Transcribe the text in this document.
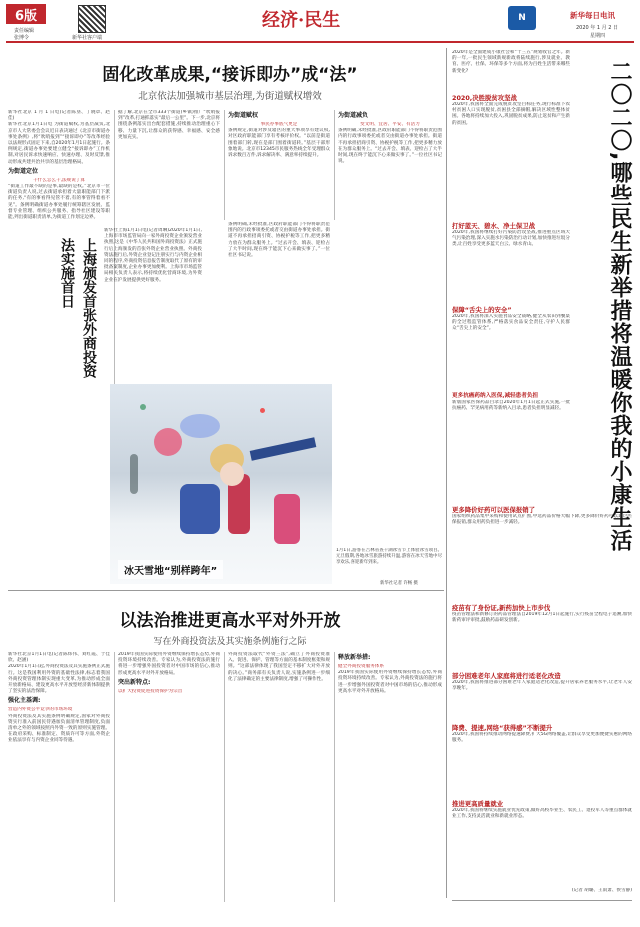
6版
责任编辑
张博令	新华社客户端
经济·民生	N	新华每日电讯
2020 年 1 月 2 日
星期四
固化改革成果,“接诉即办”成“法”
北京依法加强城市基层治理,为街道赋权增效
新华社北京 1 月 1 日电(记者陈垦、丁晓章、赵佳)
新华社北京1月1日电 为街道赋权,为基层减负,北京市人大常委会会议近日表决通过《北京市街道办事处条例》,将“吹哨报到”“接诉即办”等改革经验以法规形式固定下来,自2020年1月1日起施行。条例规定,街道办事处要建立健全“接诉即办”工作机制,对居民诉求快速响应、快速办理、及时反馈,推动形成共建共治共享的基层治理格局。
为街道定位
干什么怎么干,法规说了算
“街道工作最不缺的是事,最缺的是权。”北京市一位街道负责人说,过去街道承担着大量职能部门下派的任务,“有的事看得见管不着,有的事管得着看不见”。条例明确街道办事处履行统筹辖区发展、监督专业管理、组织公共服务、指导社区建设等职能,列出街道职责清单,为街道工作划定边界。
据了解,北京在全市333个街道(乡镇)推广“吹哨报到”改革,打通抓落实“最后一公里”。下一步,北京将围绕条例落实出台配套措施,持续推动治理重心下移、力量下沉,让群众的获得感、幸福感、安全感更加充实。
为街道赋权
事民办事底气更足
条例规定,街道对涉及辖区的重大事项享有建议权,对区政府职能部门享有考核评价权。“以前是街道围着部门转,现在是部门围着街道转。”基层干部形象地说。北京市12345市民服务热线全年受理群众诉求数百万件,诉求解决率、满意率持续提升。
为街道减负
变文明、宜居、平安、有活力
条例明确,未经批准,区政府职能部门不得将职责范围内的行政事项委托或者交由街道办事处承担。街道不再承担招商引资、协税护税等工作,把更多精力放在为群众服务上。“过去开会、填表、迎检占了大半时间,现在终于能沉下心来做实事了。”一位社区书记说。
上海颁发首张外商投资法实施首日
新华社上海1月1日电(记者周琳)2020年1月1日,上海市市场监管局向一家外商投资企业颁发营业执照,这是《中华人民共和国外商投资法》正式施行后上海颁发的首张外资企业营业执照。外商投资法施行后,外资企业登记注册实行与内资企业相同的程序,外商投资信息报告制度取代了原有的审批备案制度,企业办事更加便利。上海市市场监管局相关负责人表示,将持续优化营商环境,为外资企业在沪发展提供更好服务。
冰天雪地“别样跨年”
1月1日,游客在吉林省查干湖冰雪节上体验冰雪项目。元旦假期,各地冰雪旅游持续升温,游客在冰天雪地中尽享欢乐,喜迎新年到来。
新华社记者 许畅 摄
条例明确,未经批准,区政府职能部门不得将职责范围内的行政事项委托或者交由街道办事处承担。街道不再承担招商引资、协税护税等工作,把更多精力放在为群众服务上。“过去开会、填表、迎检占了大半时间,现在终于能沉下心来做实事了。”一位社区书记说。
以法治推进更高水平对外开放
写在外商投资法及其实施条例施行之际
新华社北京1月1日电(记者陈炜伟、刘红霞、于佳欣、赵涵)
2020年1月1日起,外商投资法及其实施条例正式施行。这是我国利用外资的基础性法律,标志着我国外商投资管理体制实现重大变革,为推动形成全面开放新格局、建设更高水平开放型经济新体制提供了坚实的法治保障。
强化主基调:
营造内外资公平竞争的市场环境
外商投资法及其实施条例明确规定,国家对外商投资实行准入前国民待遇加负面清单管理制度,负面清单之外的领域按照内外资一致的原则实施管理。在政府采购、标准制定、资质许可等方面,外资企业依法享有与内资企业同等待遇。
2019年我国实际使用外资继续保持增长态势,外商投资环境持续改善。专家认为,外商投资法的施行将进一步增强外国投资者对中国市场的信心,推动形成更高水平对外开放格局。
突出新特点:
以扩大投资促进投资保护为宗旨
外商投资法取代“外资三法”,确立了外商投资准入、促进、保护、管理等方面的基本制度框架和规则。“这部法律体现了我国坚定不移扩大对外开放的决心。”商务部有关负责人说,实施条例进一步细化了法律确定的主要法律制度,增强了可操作性。
释放新举措:
健全外商投资服务体系
2019年我国实际使用外资继续保持增长态势,外商投资环境持续改善。专家认为,外商投资法的施行将进一步增强外国投资者对中国市场的信心,推动形成更高水平对外开放格局。
2020年是全面建成小康社会和“十三五”规划收官之年。新的一年,一批民生领域新规新政将陆续施行,涉及就业、教育、医疗、社保、环保等多个方面,将为百姓生活带来哪些新变化?	二〇二〇,哪些民生新举措将温暖你我的小康生活
2020,决胜脱贫攻坚战
2020年,我国将全面完成脱贫攻坚目标任务,现行标准下农村贫困人口实现脱贫,贫困县全部摘帽,解决区域性整体贫困。各地将持续加大投入,巩固脱贫成果,防止返贫和产生新的贫困。
打好蓝天、碧水、净土保卫战
2020年,我国将继续打好污染防治攻坚战,推进重点区域大气污染治理,深入实施水污染防治行动计划,加快推进垃圾分类,让百姓享受更多蓝天白云、绿水青山。
保障“舌尖上的安全”
2020年,我国将深入实施食品安全战略,健全从农田到餐桌的全过程监管体系,严格落实食品安全责任,守护人民群众“舌尖上的安全”。
更多抗癌药纳入医保,减轻患者负担
新版国家医保药品目录自2020年1月1日起正式实施,一批抗癌药、罕见病用药等新纳入目录,患者负担明显减轻。
更多降价好药可以医保报销了
国家组织药品集中采购和使用试点扩围,中选药品价格大幅下降,更多降价好药可以通过医保报销,群众用药负担进一步减轻。
疫苗有了身份证,新药加快上市步伐
疫苗管理法和新修订的药品管理法自2019年12月1日起施行,实行疫苗全程电子追溯,加快新药审评审批,鼓励药品研发创新。
部分困难老年人家庭将进行适老化改造
2020年,我国将推进部分困难老年人家庭适老化改造,提升居家养老服务水平,让老年人安享晚年。
降费、提速,网络“获得感”不断提升
2020年,我国将持续推动网络提速降费,扩大5G网络覆盖,让群众享受更加便捷实惠的网络服务。
推进更高质量就业
2020年,我国将继续实施就业优先政策,做好高校毕业生、农民工、退役军人等重点群体就业工作,支持灵活就业和新就业形态。
(记者 胡璐、王雨萧、侯雪静)
